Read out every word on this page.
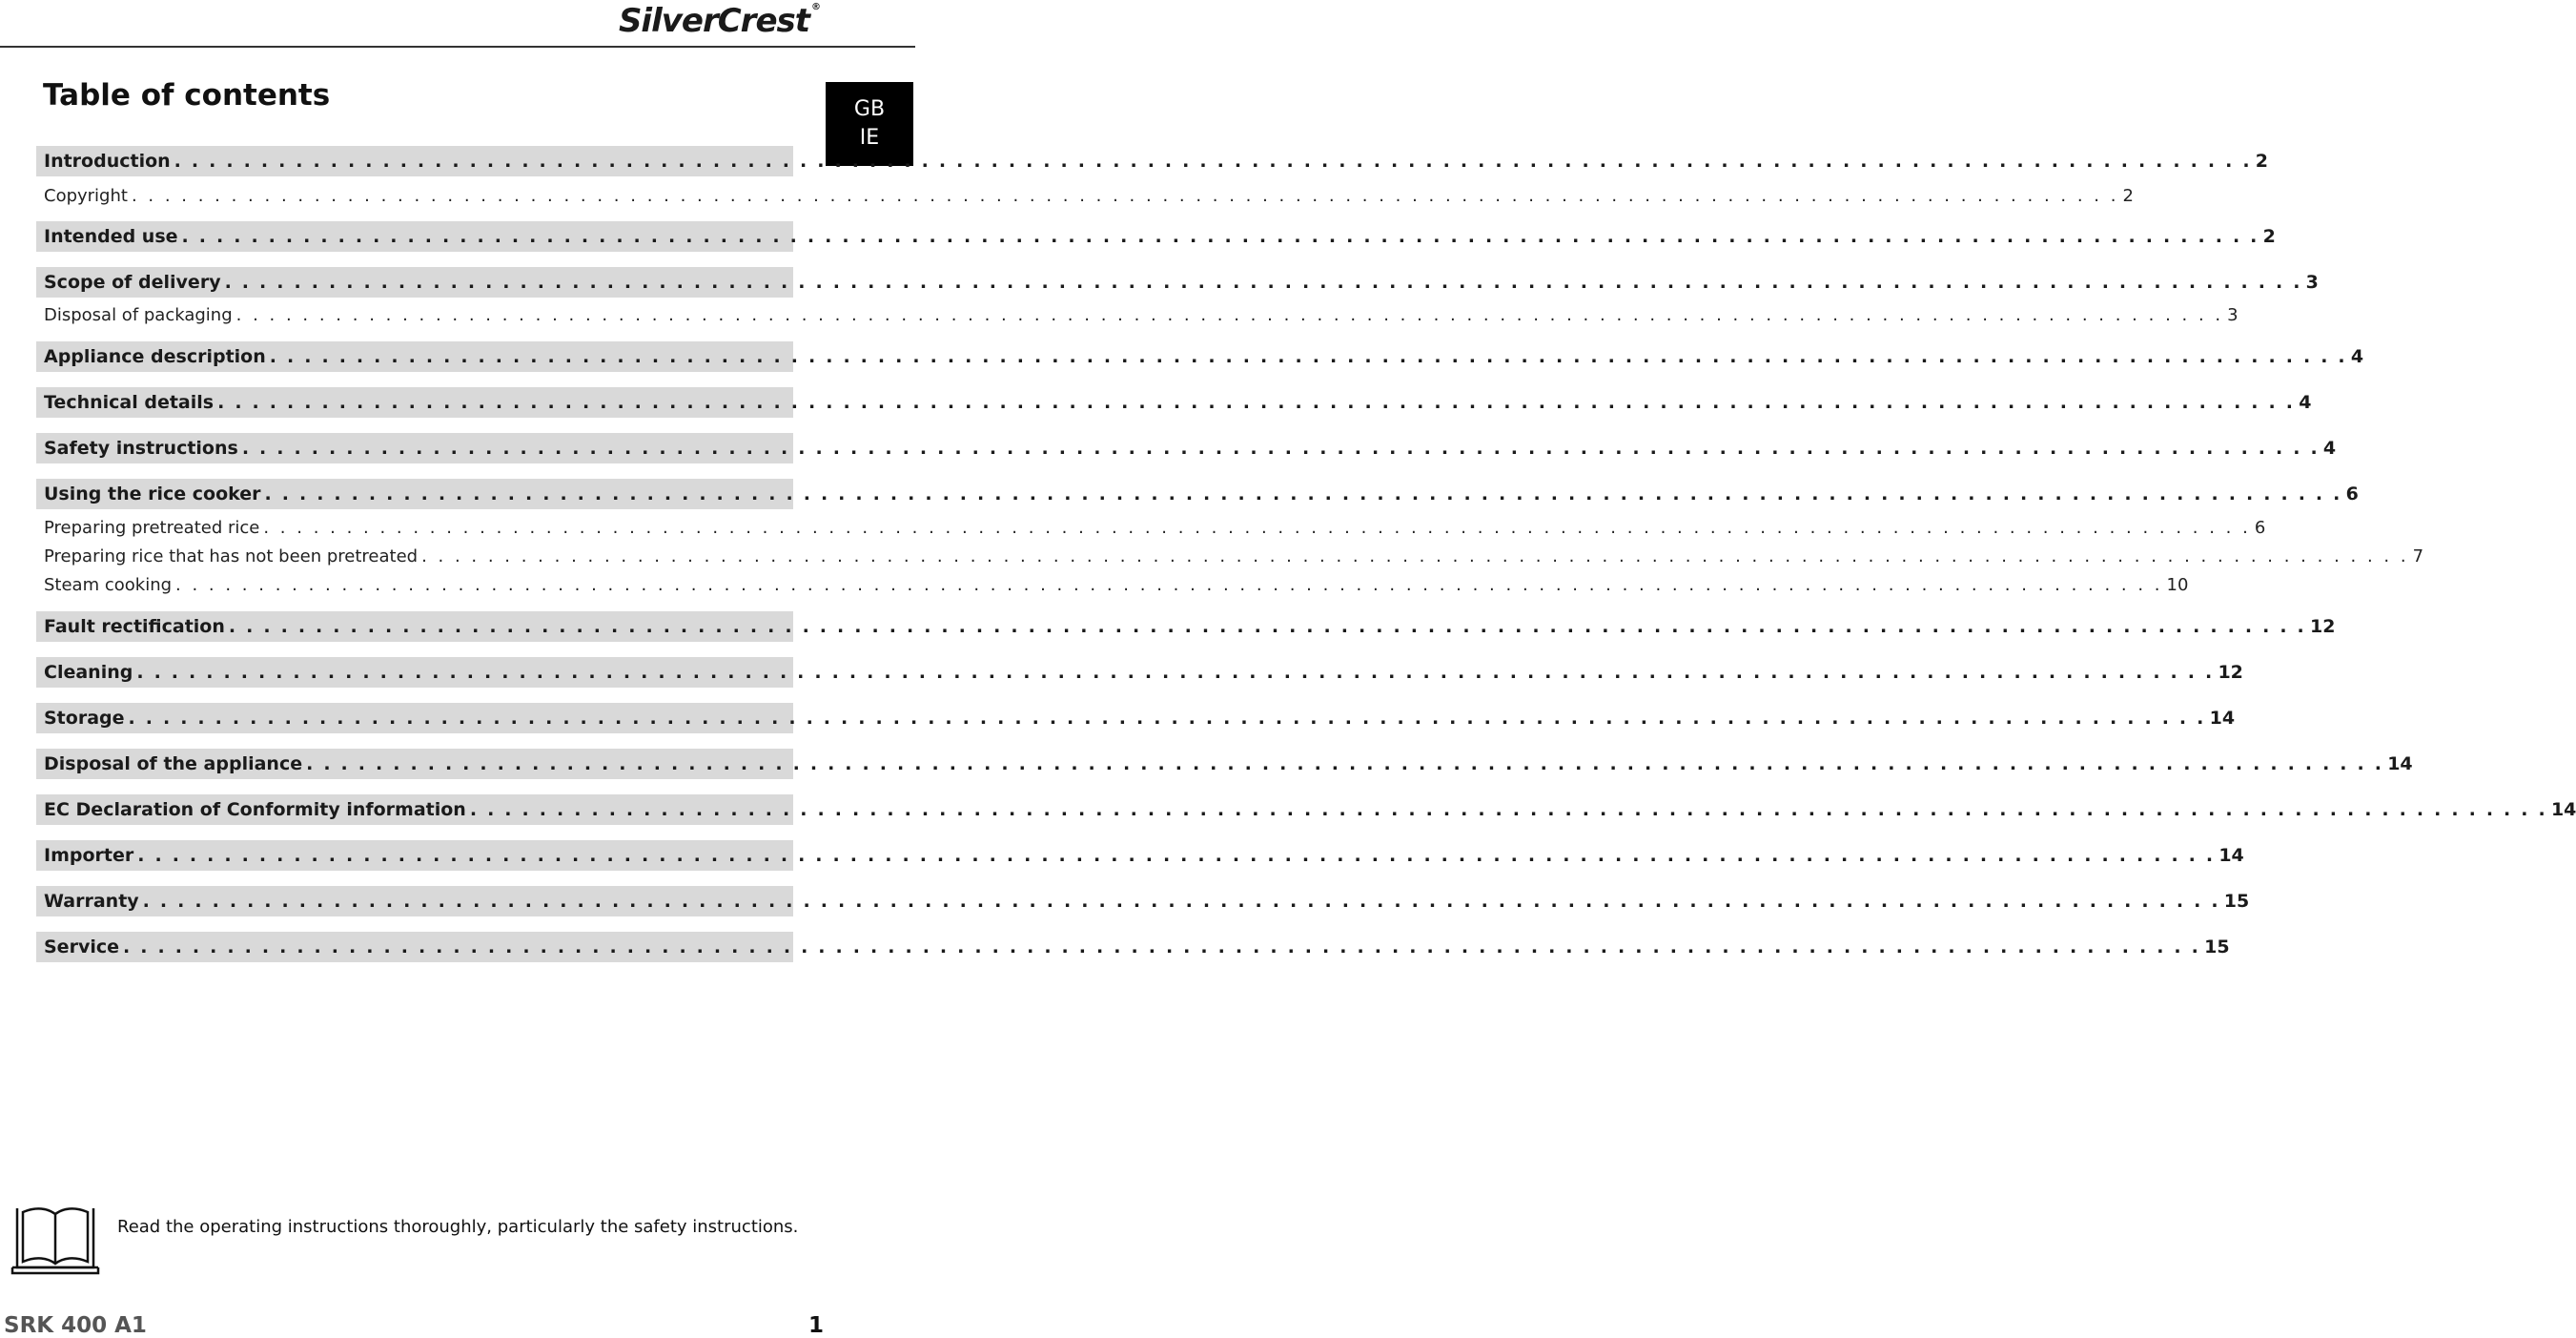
SilverCrest ®
Table of contents	GB
IE
Introduction . . . . . . . . . . . . . . . . . . . . . . . . . . . . . . . . . . . . . . . . . . . . . . . . . . . . . . . . . . . . . . . . . . . . . . . . . . . . . . . . . . . . . . . . . . . . . . . . . . . . . . . . . . . . . . . . . . . . . . . . 2
Copyright . . . . . . . . . . . . . . . . . . . . . . . . . . . . . . . . . . . . . . . . . . . . . . . . . . . . . . . . . . . . . . . . . . . . . . . . . . . . . . . . . . . . . . . . . . . . . . . . . . . . . . . . . . . . . . . . . . . . . . . . 2
Intended use . . . . . . . . . . . . . . . . . . . . . . . . . . . . . . . . . . . . . . . . . . . . . . . . . . . . . . . . . . . . . . . . . . . . . . . . . . . . . . . . . . . . . . . . . . . . . . . . . . . . . . . . . . . . . . . . . . . . . . . . 2
Scope of delivery . . . . . . . . . . . . . . . . . . . . . . . . . . . . . . . . . . . . . . . . . . . . . . . . . . . . . . . . . . . . . . . . . . . . . . . . . . . . . . . . . . . . . . . . . . . . . . . . . . . . . . . . . . . . . . . . . . . . . . . . 3
Disposal of packaging . . . . . . . . . . . . . . . . . . . . . . . . . . . . . . . . . . . . . . . . . . . . . . . . . . . . . . . . . . . . . . . . . . . . . . . . . . . . . . . . . . . . . . . . . . . . . . . . . . . . . . . . . . . . . . . . . . . . . . . . 3
Appliance description . . . . . . . . . . . . . . . . . . . . . . . . . . . . . . . . . . . . . . . . . . . . . . . . . . . . . . . . . . . . . . . . . . . . . . . . . . . . . . . . . . . . . . . . . . . . . . . . . . . . . . . . . . . . . . . . . . . . . . . . 4
Technical details . . . . . . . . . . . . . . . . . . . . . . . . . . . . . . . . . . . . . . . . . . . . . . . . . . . . . . . . . . . . . . . . . . . . . . . . . . . . . . . . . . . . . . . . . . . . . . . . . . . . . . . . . . . . . . . . . . . . . . . . 4
Safety instructions . . . . . . . . . . . . . . . . . . . . . . . . . . . . . . . . . . . . . . . . . . . . . . . . . . . . . . . . . . . . . . . . . . . . . . . . . . . . . . . . . . . . . . . . . . . . . . . . . . . . . . . . . . . . . . . . . . . . . . . . 4
Using the rice cooker . . . . . . . . . . . . . . . . . . . . . . . . . . . . . . . . . . . . . . . . . . . . . . . . . . . . . . . . . . . . . . . . . . . . . . . . . . . . . . . . . . . . . . . . . . . . . . . . . . . . . . . . . . . . . . . . . . . . . . . . 6
Preparing pretreated rice . . . . . . . . . . . . . . . . . . . . . . . . . . . . . . . . . . . . . . . . . . . . . . . . . . . . . . . . . . . . . . . . . . . . . . . . . . . . . . . . . . . . . . . . . . . . . . . . . . . . . . . . . . . . . . . . . . . . . . . . 6
Preparing rice that has not been pretreated . . . . . . . . . . . . . . . . . . . . . . . . . . . . . . . . . . . . . . . . . . . . . . . . . . . . . . . . . . . . . . . . . . . . . . . . . . . . . . . . . . . . . . . . . . . . . . . . . . . . . . . . . . . . . . . . . . . . . . . . 7
Steam cooking . . . . . . . . . . . . . . . . . . . . . . . . . . . . . . . . . . . . . . . . . . . . . . . . . . . . . . . . . . . . . . . . . . . . . . . . . . . . . . . . . . . . . . . . . . . . . . . . . . . . . . . . . . . . . . . . . . . . . . . . 10
Fault rectification . . . . . . . . . . . . . . . . . . . . . . . . . . . . . . . . . . . . . . . . . . . . . . . . . . . . . . . . . . . . . . . . . . . . . . . . . . . . . . . . . . . . . . . . . . . . . . . . . . . . . . . . . . . . . . . . . . . . . . . . 12
Cleaning . . . . . . . . . . . . . . . . . . . . . . . . . . . . . . . . . . . . . . . . . . . . . . . . . . . . . . . . . . . . . . . . . . . . . . . . . . . . . . . . . . . . . . . . . . . . . . . . . . . . . . . . . . . . . . . . . . . . . . . . 12
Storage . . . . . . . . . . . . . . . . . . . . . . . . . . . . . . . . . . . . . . . . . . . . . . . . . . . . . . . . . . . . . . . . . . . . . . . . . . . . . . . . . . . . . . . . . . . . . . . . . . . . . . . . . . . . . . . . . . . . . . . . 14
Disposal of the appliance . . . . . . . . . . . . . . . . . . . . . . . . . . . . . . . . . . . . . . . . . . . . . . . . . . . . . . . . . . . . . . . . . . . . . . . . . . . . . . . . . . . . . . . . . . . . . . . . . . . . . . . . . . . . . . . . . . . . . . . . 14
EC Declaration of Conformity information . . . . . . . . . . . . . . . . . . . . . . . . . . . . . . . . . . . . . . . . . . . . . . . . . . . . . . . . . . . . . . . . . . . . . . . . . . . . . . . . . . . . . . . . . . . . . . . . . . . . . . . . . . . . . . . . . . . . . . . . 14
Importer . . . . . . . . . . . . . . . . . . . . . . . . . . . . . . . . . . . . . . . . . . . . . . . . . . . . . . . . . . . . . . . . . . . . . . . . . . . . . . . . . . . . . . . . . . . . . . . . . . . . . . . . . . . . . . . . . . . . . . . . 14
Warranty . . . . . . . . . . . . . . . . . . . . . . . . . . . . . . . . . . . . . . . . . . . . . . . . . . . . . . . . . . . . . . . . . . . . . . . . . . . . . . . . . . . . . . . . . . . . . . . . . . . . . . . . . . . . . . . . . . . . . . . . 15
Service . . . . . . . . . . . . . . . . . . . . . . . . . . . . . . . . . . . . . . . . . . . . . . . . . . . . . . . . . . . . . . . . . . . . . . . . . . . . . . . . . . . . . . . . . . . . . . . . . . . . . . . . . . . . . . . . . . . . . . . . 15
Read the operating instructions thoroughly, particularly the safety instructions.
SRK 400 A1	1
